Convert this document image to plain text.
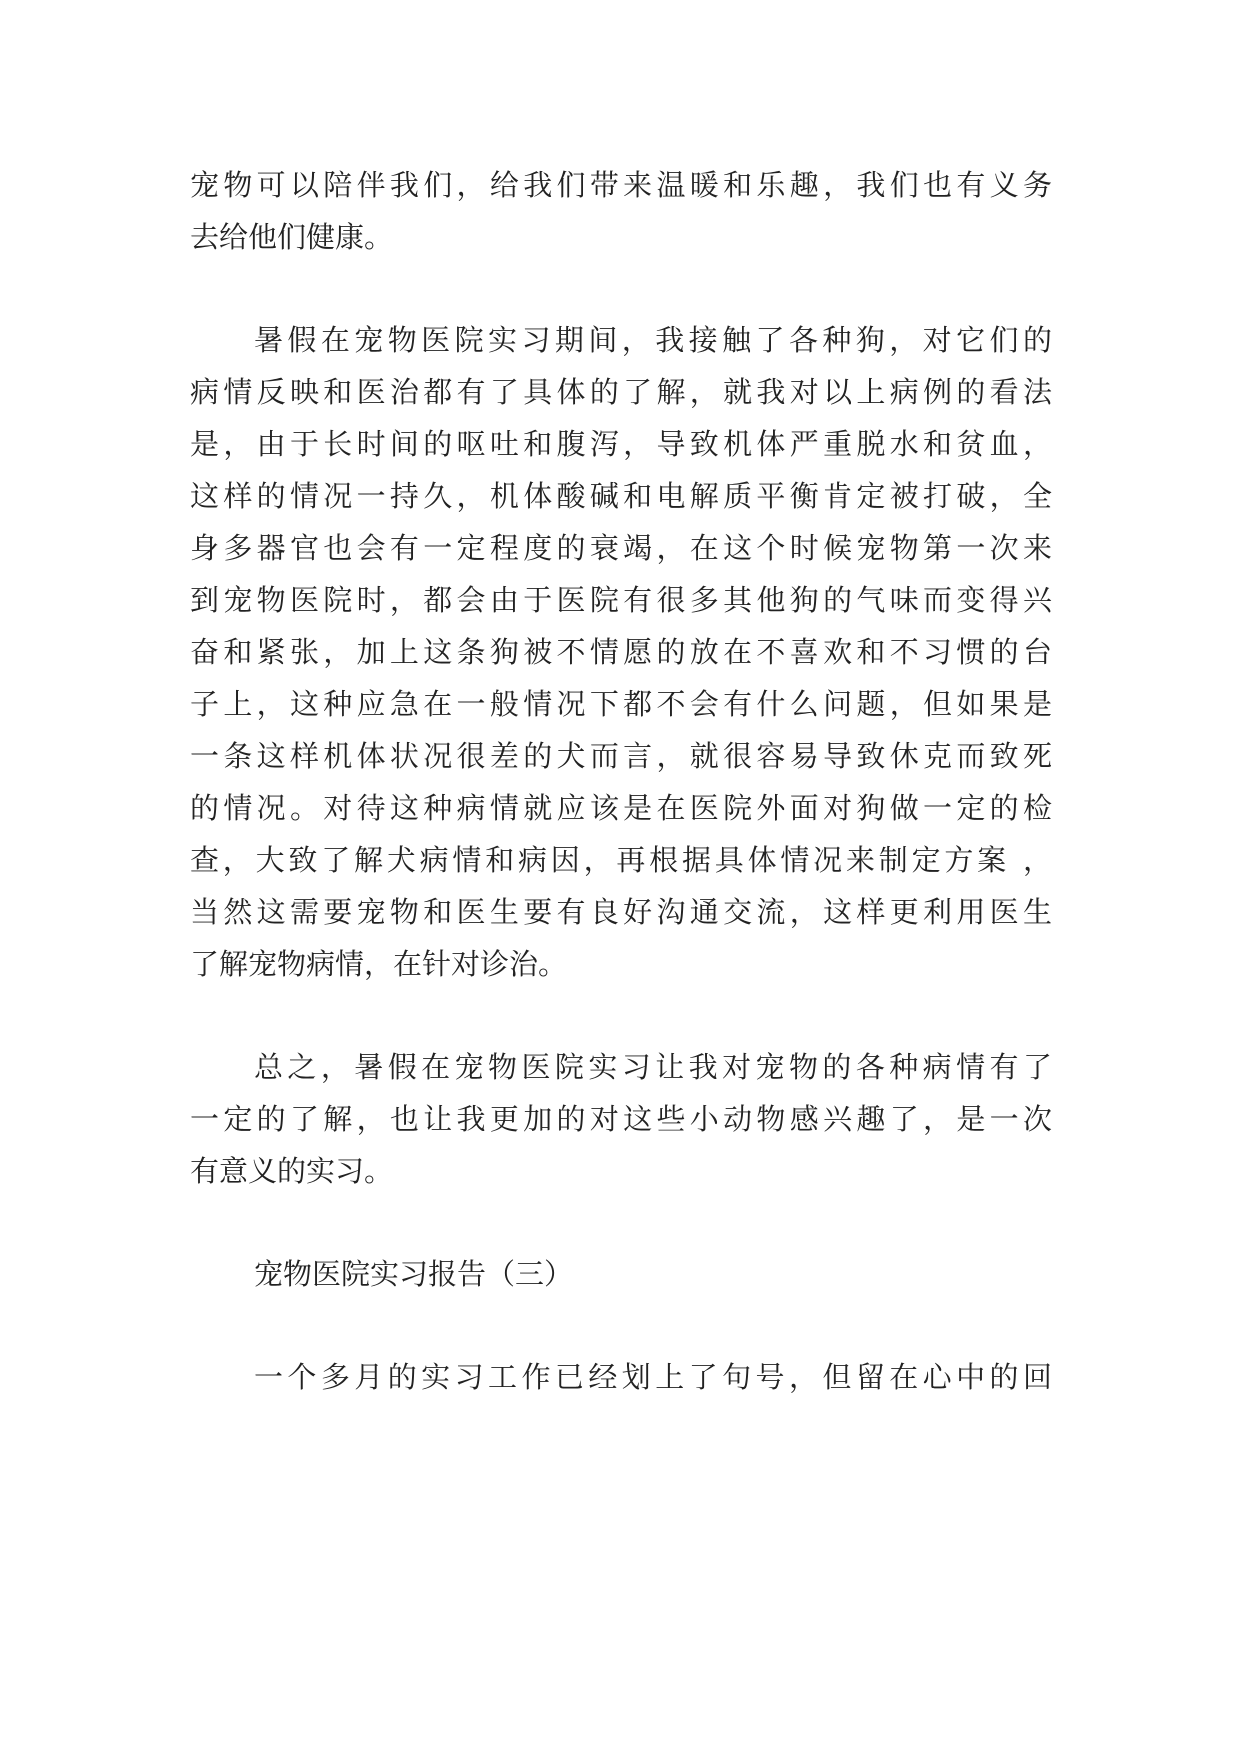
宠物可以陪伴我们，给我们带来温暖和乐趣，我们也有义务
去给他们健康。
暑假在宠物医院实习期间，我接触了各种狗，对它们的
病情反映和医治都有了具体的了解，就我对以上病例的看法
是，由于长时间的呕吐和腹泻，导致机体严重脱水和贫血，
这样的情况一持久，机体酸碱和电解质平衡肯定被打破，全
身多器官也会有一定程度的衰竭，在这个时候宠物第一次来
到宠物医院时，都会由于医院有很多其他狗的气味而变得兴
奋和紧张，加上这条狗被不情愿的放在不喜欢和不习惯的台
子上，这种应急在一般情况下都不会有什么问题，但如果是
一条这样机体状况很差的犬而言，就很容易导致休克而致死
的情况。对待这种病情就应该是在医院外面对狗做一定的检
查，大致了解犬病情和病因，再根据具体情况来制定方案 ，
当然这需要宠物和医生要有良好沟通交流，这样更利用医生
了解宠物病情，在针对诊治。
总之，暑假在宠物医院实习让我对宠物的各种病情有了
一定的了解，也让我更加的对这些小动物感兴趣了，是一次
有意义的实习。
宠物医院实习报告（三）
一个多月的实习工作已经划上了句号，但留在心中的回
